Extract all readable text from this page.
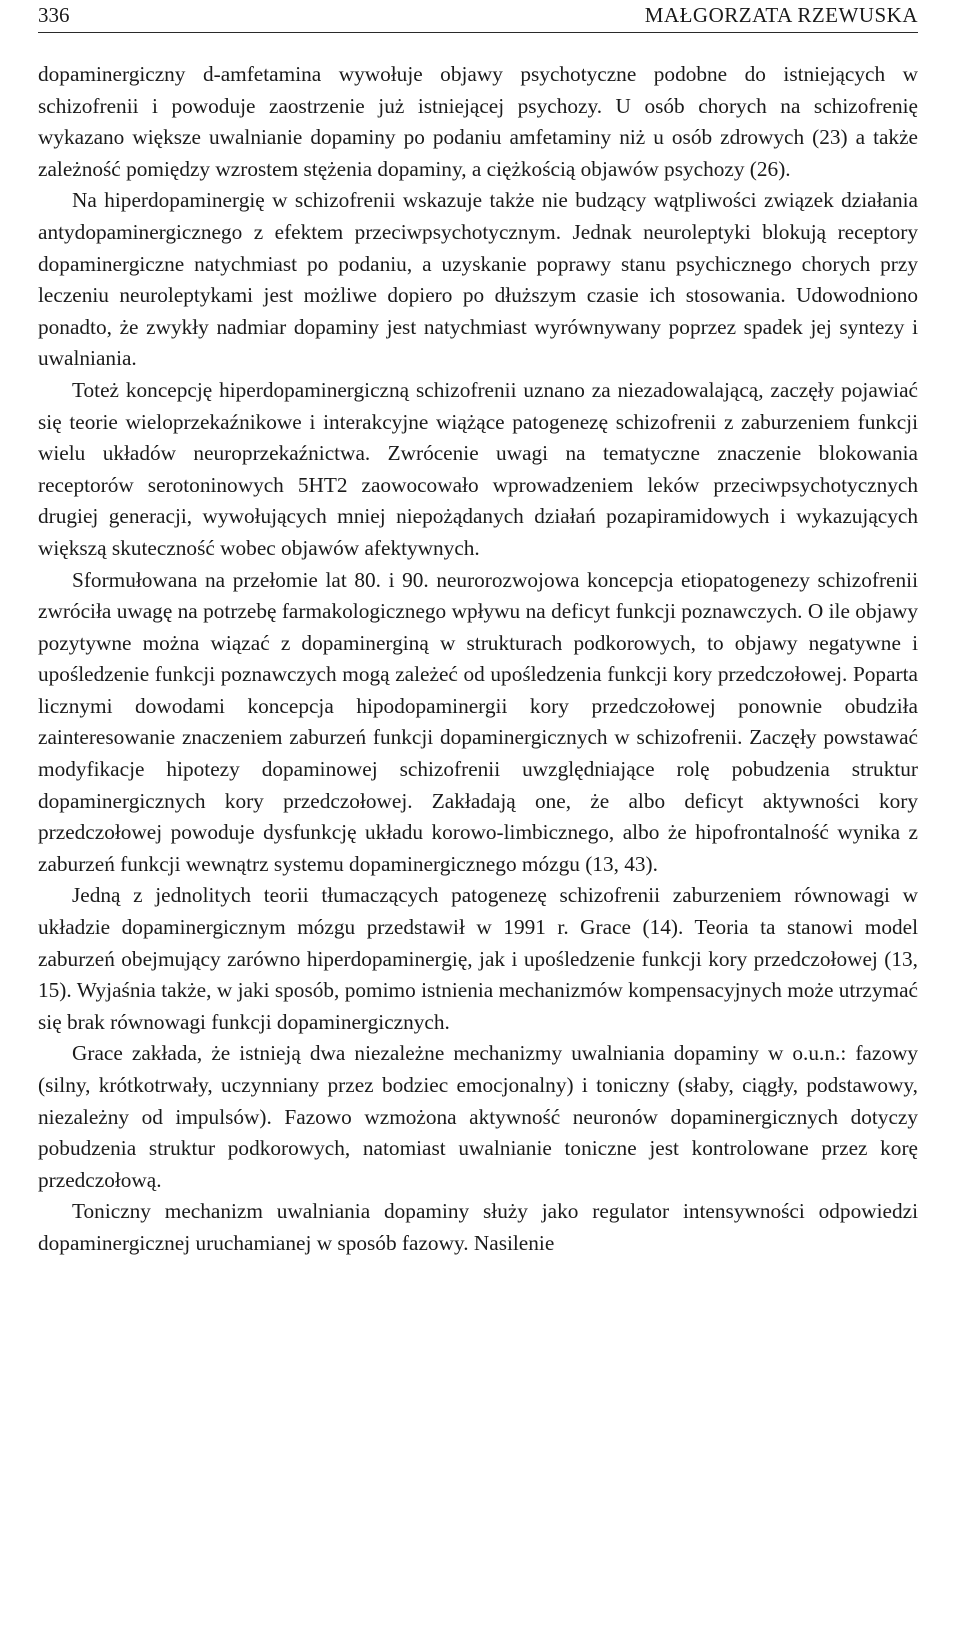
336	MAŁGORZATA RZEWUSKA

dopaminergiczny d-amfetamina wywołuje objawy psychotyczne podobne do istniejących w schizofrenii i powoduje zaostrzenie już istniejącej psychozy. U osób chorych na schizofrenię wykazano większe uwalnianie dopaminy po podaniu amfetaminy niż u osób zdrowych (23) a także zależność pomiędzy wzrostem stężenia dopaminy, a ciężkością objawów psychozy (26).

Na hiperdopaminergię w schizofrenii wskazuje także nie budzący wątpliwości związek działania antydopaminergicznego z efektem przeciwpsychotycznym. Jednak neuroleptyki blokują receptory dopaminergiczne natychmiast po podaniu, a uzyskanie poprawy stanu psychicznego chorych przy leczeniu neuroleptykami jest możliwe dopiero po dłuższym czasie ich stosowania. Udowodniono ponadto, że zwykły nadmiar dopaminy jest natychmiast wyrównywany poprzez spadek jej syntezy i uwalniania.

Toteż koncepcję hiperdopaminergiczną schizofrenii uznano za niezadowalającą, zaczęły pojawiać się teorie wieloprzekaźnikowe i interakcyjne wiążące patogenezę schizofrenii z zaburzeniem funkcji wielu układów neuroprzekaźnictwa. Zwrócenie uwagi na tematyczne znaczenie blokowania receptorów serotoninowych 5HT2 zaowocowało wprowadzeniem leków przeciwpsychotycznych drugiej generacji, wywołujących mniej niepożądanych działań pozapiramidowych i wykazujących większą skuteczność wobec objawów afektywnych.

Sformułowana na przełomie lat 80. i 90. neurorozwojowa koncepcja etiopatogenezy schizofrenii zwróciła uwagę na potrzebę farmakologicznego wpływu na deficyt funkcji poznawczych. O ile objawy pozytywne można wiązać z dopaminerginą w strukturach podkorowych, to objawy negatywne i upośledzenie funkcji poznawczych mogą zależeć od upośledzenia funkcji kory przedczołowej. Poparta licznymi dowodami koncepcja hipodopaminergii kory przedczołowej ponownie obudziła zainteresowanie znaczeniem zaburzeń funkcji dopaminergicznych w schizofrenii. Zaczęły powstawać modyfikacje hipotezy dopaminowej schizofrenii uwzględniające rolę pobudzenia struktur dopaminergicznych kory przedczołowej. Zakładają one, że albo deficyt aktywności kory przedczołowej powoduje dysfunkcję układu korowo-limbicznego, albo że hipofrontalność wynika z zaburzeń funkcji wewnątrz systemu dopaminergicznego mózgu (13, 43).

Jedną z jednolitych teorii tłumaczących patogenezę schizofrenii zaburzeniem równowagi w układzie dopaminergicznym mózgu przedstawił w 1991 r. Grace (14). Teoria ta stanowi model zaburzeń obejmujący zarówno hiperdopaminergię, jak i upośledzenie funkcji kory przedczołowej (13, 15). Wyjaśnia także, w jaki sposób, pomimo istnienia mechanizmów kompensacyjnych może utrzymać się brak równowagi funkcji dopaminergicznych.

Grace zakłada, że istnieją dwa niezależne mechanizmy uwalniania dopaminy w o.u.n.: fazowy (silny, krótkotrwały, uczynniany przez bodziec emocjonalny) i toniczny (słaby, ciągły, podstawowy, niezależny od impulsów). Fazowo wzmożona aktywność neuronów dopaminergicznych dotyczy pobudzenia struktur podkorowych, natomiast uwalnianie toniczne jest kontrolowane przez korę przedczołową.

Toniczny mechanizm uwalniania dopaminy służy jako regulator intensywności odpowiedzi dopaminergicznej uruchamianej w sposób fazowy. Nasilenie
